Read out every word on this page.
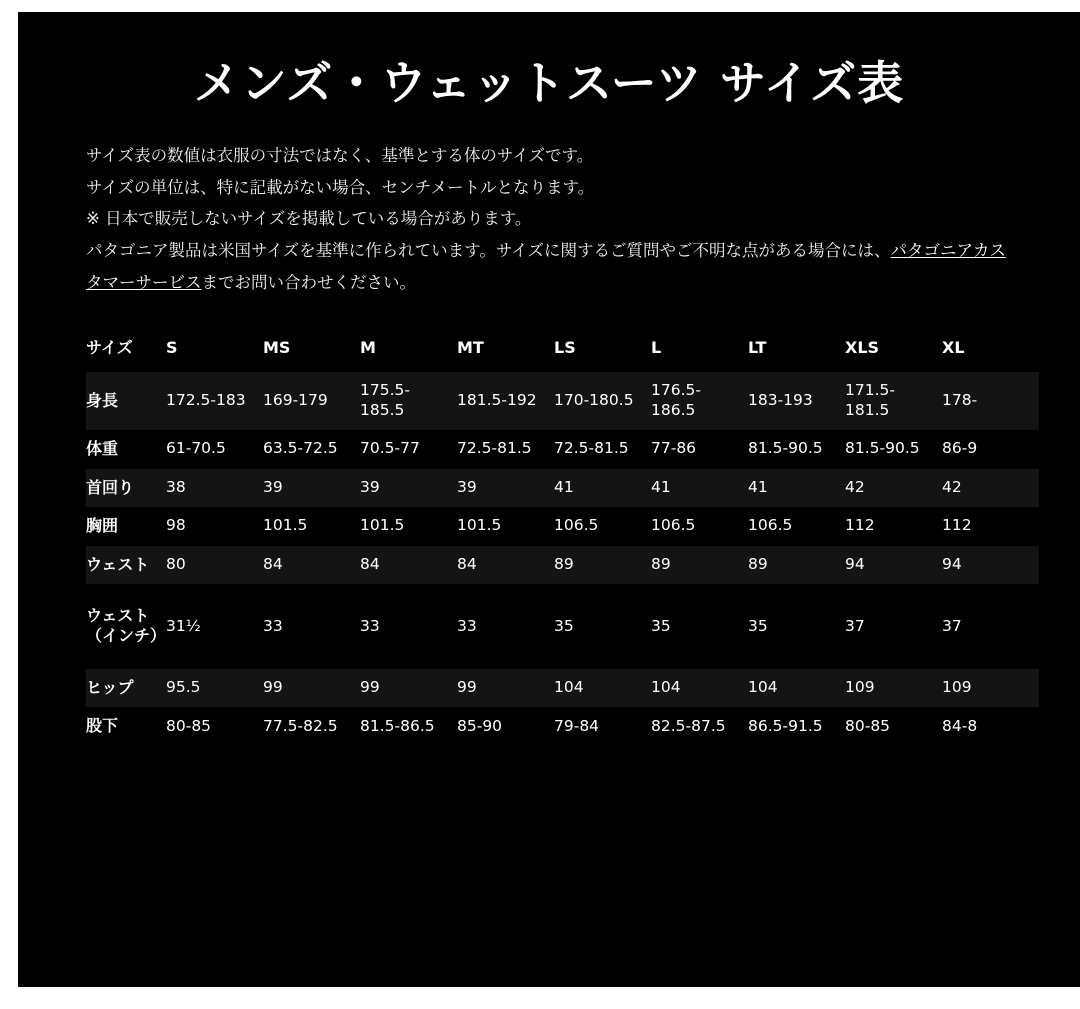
メンズ・ウェットスーツ サイズ表

サイズ表の数値は衣服の寸法ではなく、基準とする体のサイズです。

サイズの単位は、特に記載がない場合、センチメートルとなります。

※ 日本で販売しないサイズを掲載している場合があります。

パタゴニア製品は米国サイズを基準に作られています。サイズに関するご質問やご不明な点がある場合には、パタゴニアカスタマーサービスまでお問い合わせください。

サイズ	S	MS	M	MT	LS	L	LT	XLS	XL
身長	172.5-183	169-179	175.5-185.5	181.5-192	170-180.5	176.5-186.5	183-193	171.5-181.5	178-
体重	61-70.5	63.5-72.5	70.5-77	72.5-81.5	72.5-81.5	77-86	81.5-90.5	81.5-90.5	86-9
首回り	38	39	39	39	41	41	41	42	42
胸囲	98	101.5	101.5	101.5	106.5	106.5	106.5	112	112
ウェスト	80	84	84	84	89	89	89	94	94
ウェスト（インチ）	31½	33	33	33	35	35	35	37	37
ヒップ	95.5	99	99	99	104	104	104	109	109
股下	80-85	77.5-82.5	81.5-86.5	85-90	79-84	82.5-87.5	86.5-91.5	80-85	84-8
